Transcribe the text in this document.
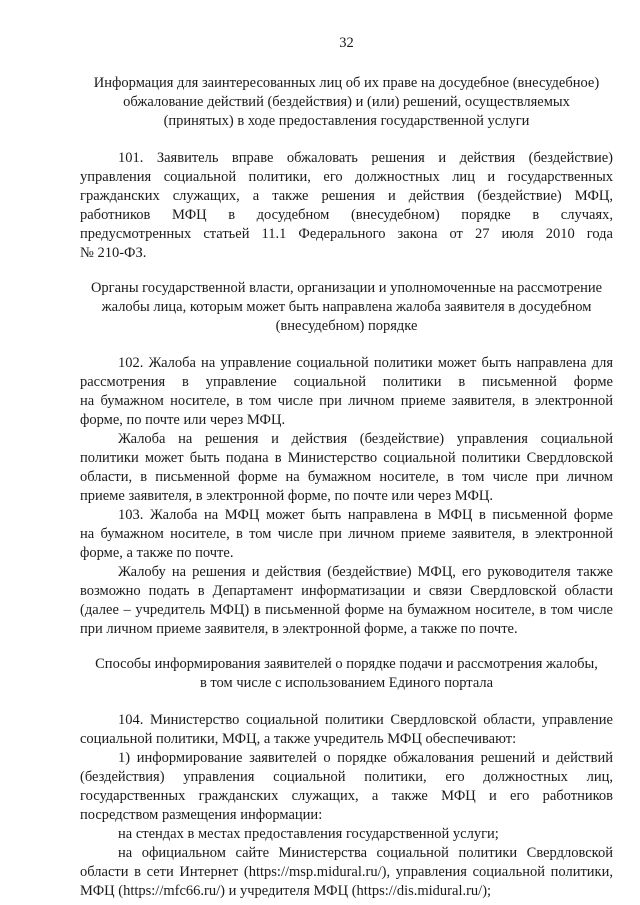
32
Информация для заинтересованных лиц об их праве на досудебное (внесудебное)
обжалование действий (бездействия) и (или) решений, осуществляемых
(принятых) в ходе предоставления государственной услуги
101. Заявитель вправе обжаловать решения и действия (бездействие)
управления социальной политики, его должностных лиц и государственных
гражданских служащих, а также решения и действия (бездействие) МФЦ,
работников МФЦ в досудебном (внесудебном) порядке в случаях,
предусмотренных статьей 11.1 Федерального закона от 27 июля 2010 года
№ 210-ФЗ.
Органы государственной власти, организации и уполномоченные на рассмотрение
жалобы лица, которым может быть направлена жалоба заявителя в досудебном
(внесудебном) порядке
102. Жалоба на управление социальной политики может быть направлена для
рассмотрения в управление социальной политики в письменной форме
на бумажном носителе, в том числе при личном приеме заявителя, в электронной
форме, по почте или через МФЦ.
Жалоба на решения и действия (бездействие) управления социальной
политики может быть подана в Министерство социальной политики Свердловской
области, в письменной форме на бумажном носителе, в том числе при личном
приеме заявителя, в электронной форме, по почте или через МФЦ.
103. Жалоба на МФЦ может быть направлена в МФЦ в письменной форме
на бумажном носителе, в том числе при личном приеме заявителя, в электронной
форме, а также по почте.
Жалобу на решения и действия (бездействие) МФЦ, его руководителя также
возможно подать в Департамент информатизации и связи Свердловской области
(далее – учредитель МФЦ) в письменной форме на бумажном носителе, в том числе
при личном приеме заявителя, в электронной форме, а также по почте.
Способы информирования заявителей о порядке подачи и рассмотрения жалобы,
в том числе с использованием Единого портала
104. Министерство социальной политики Свердловской области, управление
социальной политики, МФЦ, а также учредитель МФЦ обеспечивают:
1) информирование заявителей о порядке обжалования решений и действий
(бездействия) управления социальной политики, его должностных лиц,
государственных гражданских служащих, а также МФЦ и его работников
посредством размещения информации:
на стендах в местах предоставления государственной услуги;
на официальном сайте Министерства социальной политики Свердловской
области в сети Интернет (https://msp.midural.ru/), управления социальной политики,
МФЦ (https://mfc66.ru/) и учредителя МФЦ (https://dis.midural.ru/);
